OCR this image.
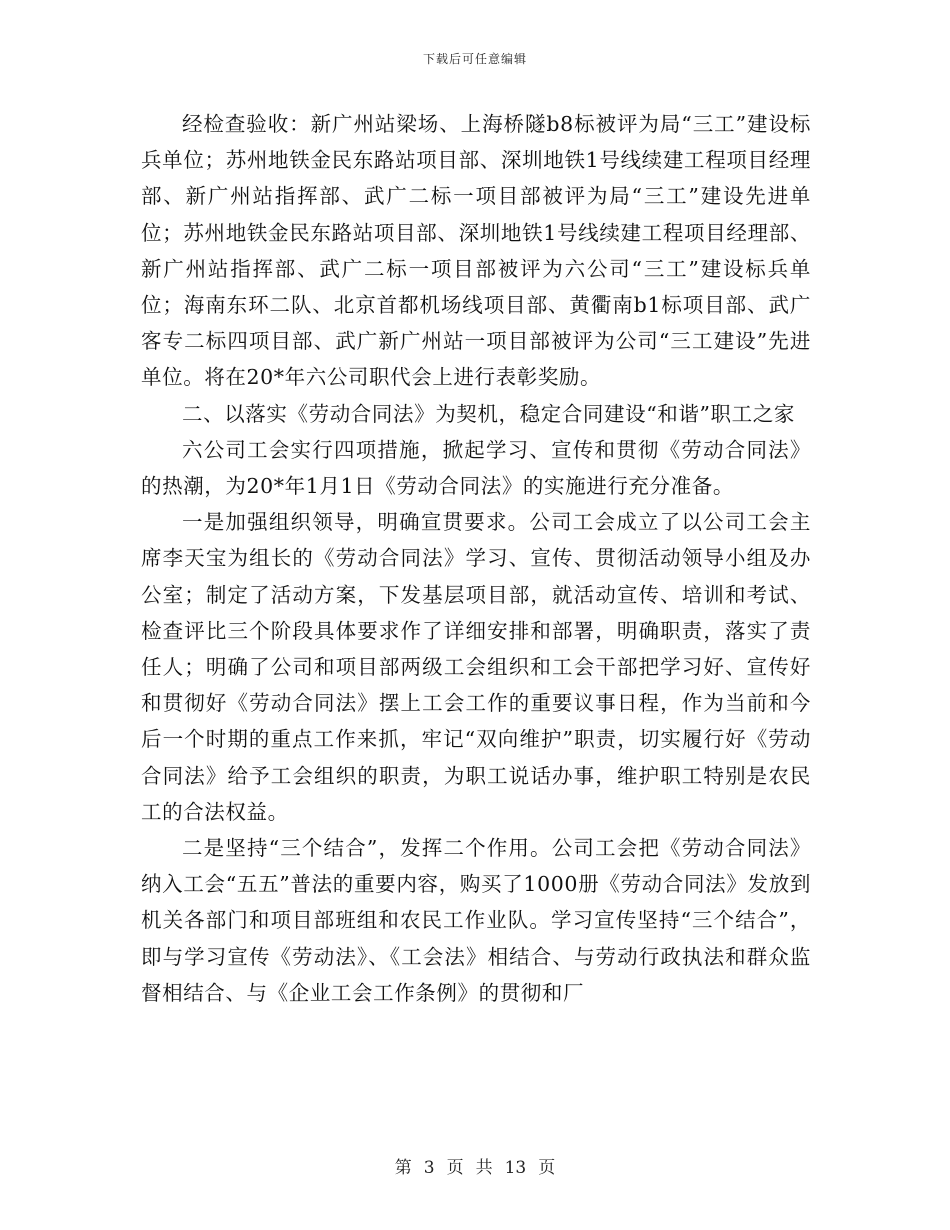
下载后可任意编辑

经检查验收：新广州站梁场、上海桥隧b8标被评为局“三工”建设标兵单位；苏州地铁金民东路站项目部、深圳地铁1号线续建工程项目经理部、新广州站指挥部、武广二标一项目部被评为局“三工”建设先进单位；苏州地铁金民东路站项目部、深圳地铁1号线续建工程项目经理部、新广州站指挥部、武广二标一项目部被评为六公司“三工”建设标兵单位；海南东环二队、北京首都机场线项目部、黄衢南b1标项目部、武广客专二标四项目部、武广新广州站一项目部被评为公司“三工建设”先进单位。将在20*年六公司职代会上进行表彰奖励。

二、以落实《劳动合同法》为契机，稳定合同建设“和谐”职工之家

六公司工会实行四项措施，掀起学习、宣传和贯彻《劳动合同法》的热潮，为20*年1月1日《劳动合同法》的实施进行充分准备。

一是加强组织领导，明确宣贯要求。公司工会成立了以公司工会主席李天宝为组长的《劳动合同法》学习、宣传、贯彻活动领导小组及办公室；制定了活动方案，下发基层项目部，就活动宣传、培训和考试、检查评比三个阶段具体要求作了详细安排和部署，明确职责，落实了责任人；明确了公司和项目部两级工会组织和工会干部把学习好、宣传好和贯彻好《劳动合同法》摆上工会工作的重要议事日程，作为当前和今后一个时期的重点工作来抓，牢记“双向维护”职责，切实履行好《劳动合同法》给予工会组织的职责，为职工说话办事，维护职工特别是农民工的合法权益。

二是坚持“三个结合”，发挥二个作用。公司工会把《劳动合同法》纳入工会“五五”普法的重要内容，购买了1000册《劳动合同法》发放到机关各部门和项目部班组和农民工作业队。学习宣传坚持“三个结合”，即与学习宣传《劳动法》、《工会法》相结合、与劳动行政执法和群众监督相结合、与《企业工会工作条例》的贯彻和厂

第 3 页 共 13 页
